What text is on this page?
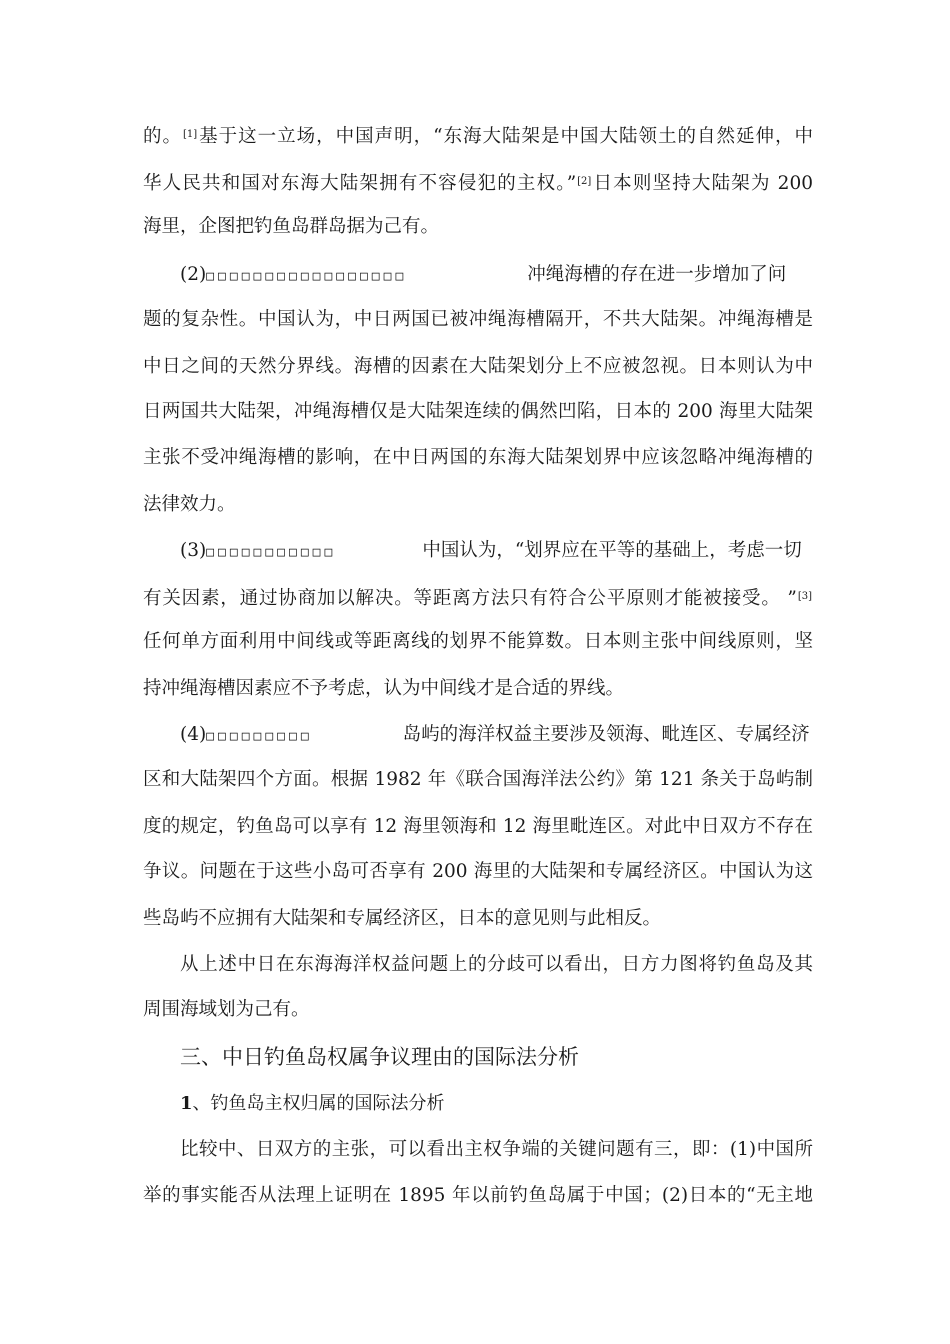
的。[1]基于这一立场，中国声明，“东海大陆架是中国大陆领土的自然延伸，中

华人民共和国对东海大陆架拥有不容侵犯的主权。”[2]日本则坚持大陆架为 200

海里，企图把钓鱼岛群岛据为己有。

(2)□□□□□□□□□□□□□□□□□	冲绳海槽的存在进一步增加了问

题的复杂性。中国认为，中日两国已被冲绳海槽隔开，不共大陆架。冲绳海槽是

中日之间的天然分界线。海槽的因素在大陆架划分上不应被忽视。日本则认为中

日两国共大陆架，冲绳海槽仅是大陆架连续的偶然凹陷，日本的 200 海里大陆架

主张不受冲绳海槽的影响，在中日两国的东海大陆架划界中应该忽略冲绳海槽的

法律效力。

(3)□□□□□□□□□□□	中国认为，“划界应在平等的基础上，考虑一切

有关因素，通过协商加以解决。等距离方法只有符合公平原则才能被接受。 ”[3]

任何单方面利用中间线或等距离线的划界不能算数。日本则主张中间线原则，坚

持冲绳海槽因素应不予考虑，认为中间线才是合适的界线。

(4)□□□□□□□□□	岛屿的海洋权益主要涉及领海、毗连区、专属经济

区和大陆架四个方面。根据 1982 年《联合国海洋法公约》第 121 条关于岛屿制

度的规定，钓鱼岛可以享有 12 海里领海和 12 海里毗连区。对此中日双方不存在

争议。问题在于这些小岛可否享有 200 海里的大陆架和专属经济区。中国认为这

些岛屿不应拥有大陆架和专属经济区，日本的意见则与此相反。

从上述中日在东海海洋权益问题上的分歧可以看出，日方力图将钓鱼岛及其

周围海域划为己有。

三、中日钓鱼岛权属争议理由的国际法分析

1、钓鱼岛主权归属的国际法分析

比较中、日双方的主张，可以看出主权争端的关键问题有三，即：(1)中国所

举的事实能否从法理上证明在 1895 年以前钓鱼岛属于中国；(2)日本的“无主地
